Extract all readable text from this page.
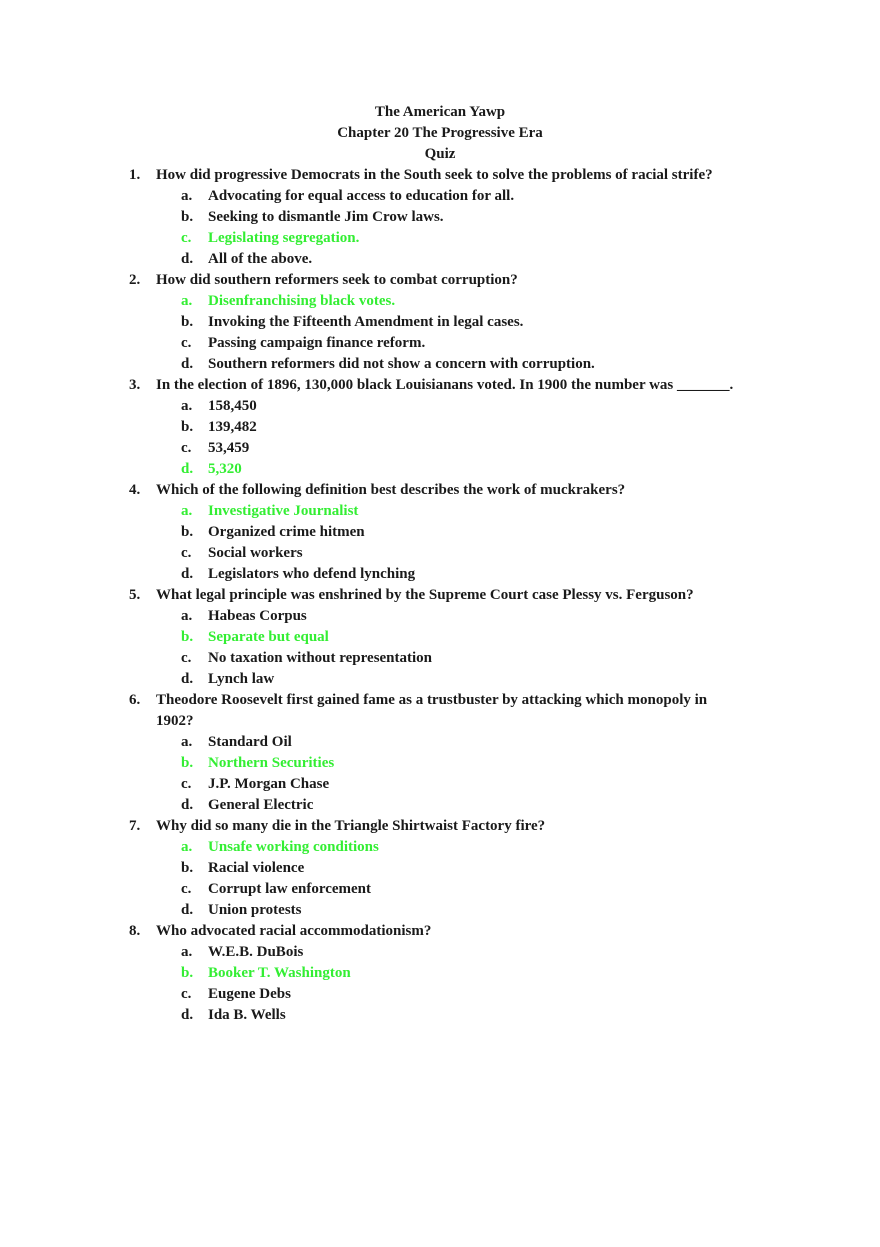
The American Yawp
Chapter 20 The Progressive Era
Quiz
1. How did progressive Democrats in the South seek to solve the problems of racial strife?
a. Advocating for equal access to education for all.
b. Seeking to dismantle Jim Crow laws.
c. Legislating segregation.
d. All of the above.
2. How did southern reformers seek to combat corruption?
a. Disenfranchising black votes.
b. Invoking the Fifteenth Amendment in legal cases.
c. Passing campaign finance reform.
d. Southern reformers did not show a concern with corruption.
3. In the election of 1896, 130,000 black Louisianans voted. In 1900 the number was _______.
a. 158,450
b. 139,482
c. 53,459
d. 5,320
4. Which of the following definition best describes the work of muckrakers?
a. Investigative Journalist
b. Organized crime hitmen
c. Social workers
d. Legislators who defend lynching
5. What legal principle was enshrined by the Supreme Court case Plessy vs. Ferguson?
a. Habeas Corpus
b. Separate but equal
c. No taxation without representation
d. Lynch law
6. Theodore Roosevelt first gained fame as a trustbuster by attacking which monopoly in 1902?
a. Standard Oil
b. Northern Securities
c. J.P. Morgan Chase
d. General Electric
7. Why did so many die in the Triangle Shirtwaist Factory fire?
a. Unsafe working conditions
b. Racial violence
c. Corrupt law enforcement
d. Union protests
8. Who advocated racial accommodationism?
a. W.E.B. DuBois
b. Booker T. Washington
c. Eugene Debs
d. Ida B. Wells
